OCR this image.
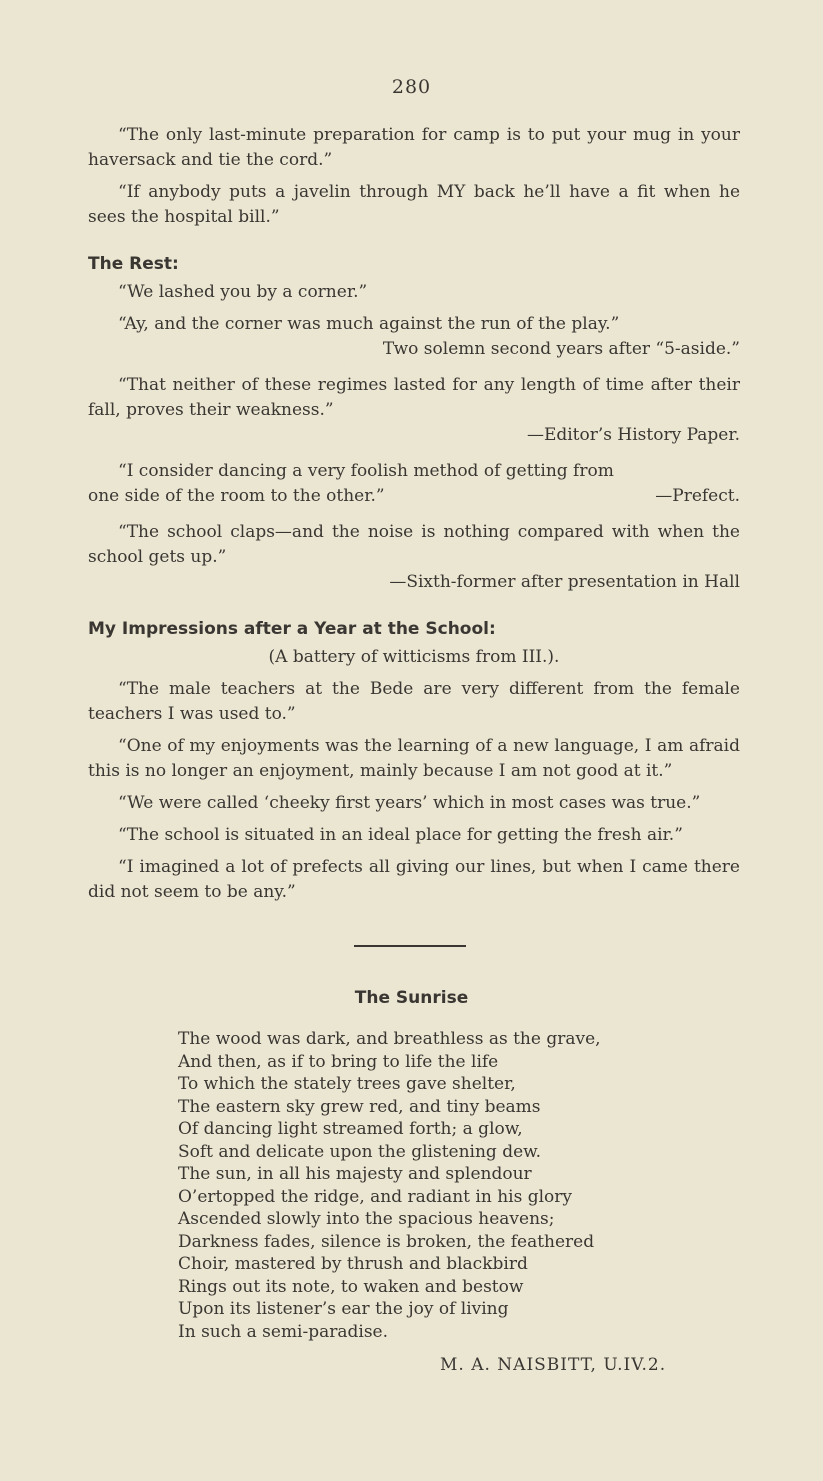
280

“The only last-minute preparation for camp is to put your mug in your haversack and tie the cord.”

“If anybody puts a javelin through MY back he’ll have a fit when he sees the hospital bill.”

The Rest:

“We lashed you by a corner.”

“Ay, and the corner was much against the run of the play.”

Two solemn second years after “5-aside.”

“That neither of these regimes lasted for any length of time after their fall, proves their weakness.”

—Editor’s History Paper.

“I consider dancing a very foolish method of getting from

one side of the room to the other.”	—Prefect.

“The school claps—and the noise is nothing compared with when the school gets up.”

—Sixth-former after presentation in Hall

My Impressions after a Year at the School:

(A battery of witticisms from III.).

“The male teachers at the Bede are very different from the female teachers I was used to.”

“One of my enjoyments was the learning of a new language, I am afraid this is no longer an enjoyment, mainly because I am not good at it.”

“We were called ‘cheeky first years’ which in most cases was true.”

“The school is situated in an ideal place for getting the fresh air.”

“I imagined a lot of prefects all giving our lines, but when I came there did not seem to be any.”

The Sunrise
The wood was dark, and breathless as the grave,
And then, as if to bring to life the life
To which the stately trees gave shelter,
The eastern sky grew red, and tiny beams
Of dancing light streamed forth; a glow,
Soft and delicate upon the glistening dew.
The sun, in all his majesty and splendour
O’ertopped the ridge, and radiant in his glory
Ascended slowly into the spacious heavens;
Darkness fades, silence is broken, the feathered
Choir, mastered by thrush and blackbird
Rings out its note, to waken and bestow
Upon its listener’s ear the joy of living
In such a semi-paradise.
M. A. NAISBITT, U.IV.2.
